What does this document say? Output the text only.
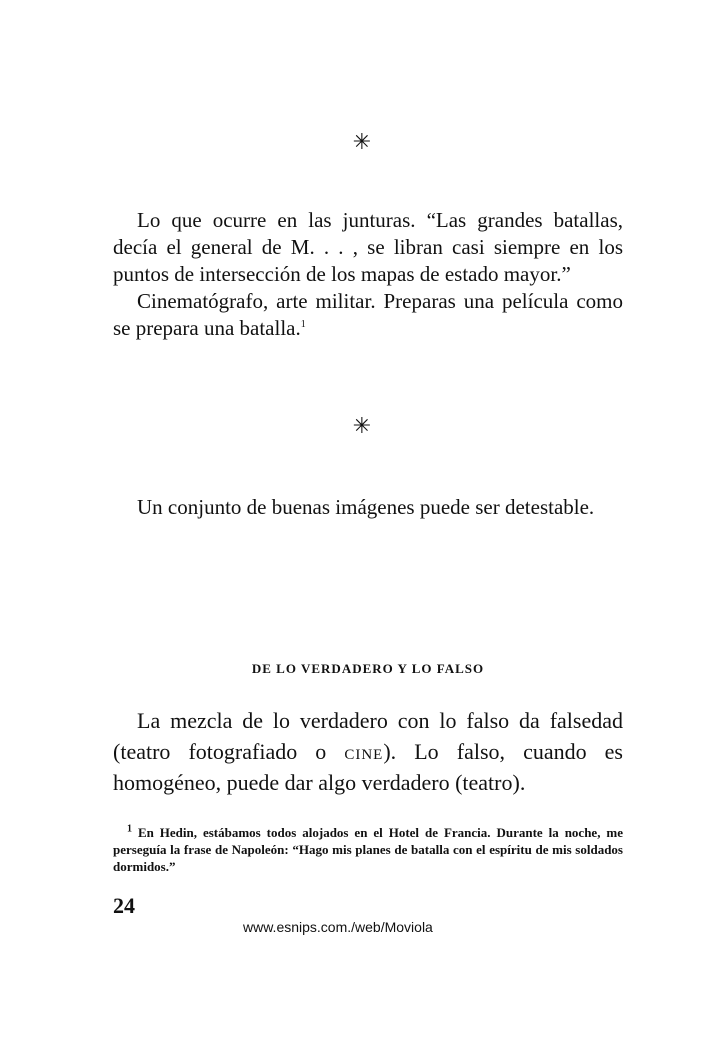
✳

Lo que ocurre en las junturas. “Las grandes batallas, decía el general de M. . . , se libran casi siempre en los puntos de intersección de los mapas de estado mayor.”

Cinematógrafo, arte militar. Preparas una película como se prepara una batalla.$^1$

✳

Un conjunto de buenas imágenes puede ser detestable.

DE LO VERDADERO Y LO FALSO

La mezcla de lo verdadero con lo falso da falsedad (teatro fotografiado o cine). Lo falso, cuando es homogéneo, puede dar algo verdadero (teatro).

$^1$ En Hedin, estábamos todos alojados en el Hotel de Francia. Durante la noche, me perseguía la frase de Napoleón: “Hago mis planes de batalla con el espíritu de mis soldados dormidos.”

24
www.esnips.com./web/Moviola
